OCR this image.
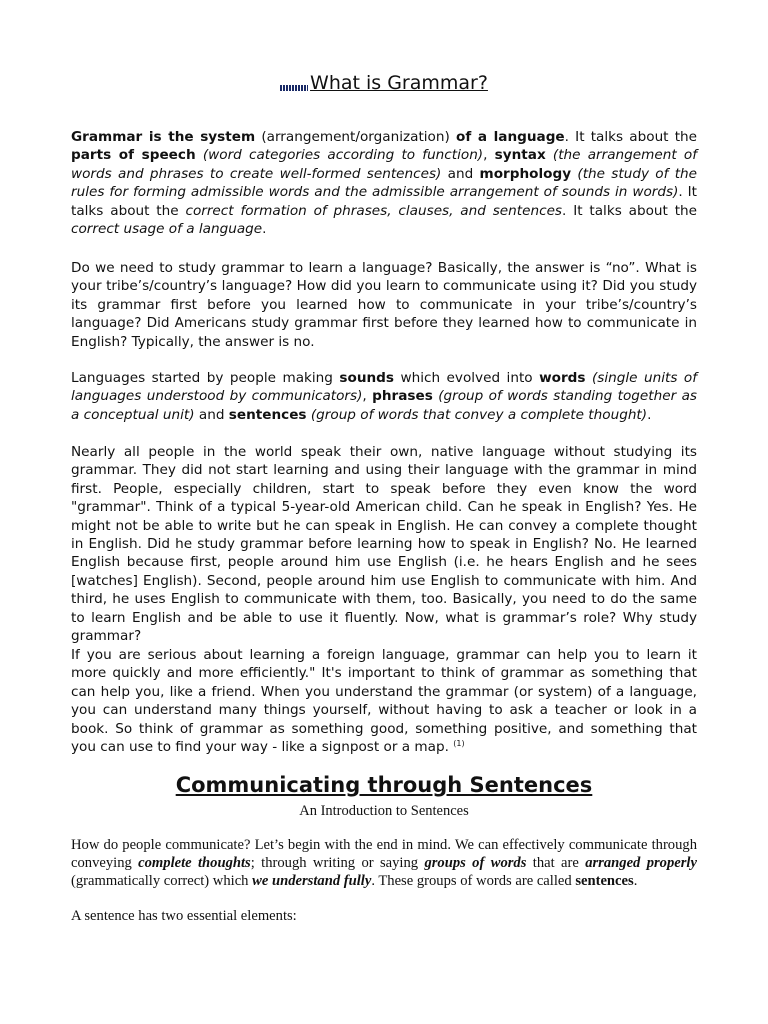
What is Grammar?

Grammar is the system (arrangement/organization) of a language. It talks about the parts of speech (word categories according to function), syntax (the arrangement of words and phrases to create well-formed sentences) and morphology (the study of the rules for forming admissible words and the admissible arrangement of sounds in words). It talks about the correct formation of phrases, clauses, and sentences. It talks about the correct usage of a language.

Do we need to study grammar to learn a language? Basically, the answer is “no”. What is your tribe’s/country’s language? How did you learn to communicate using it? Did you study its grammar first before you learned how to communicate in your tribe’s/country’s language? Did Americans study grammar first before they learned how to communicate in English? Typically, the answer is no.

Languages started by people making sounds which evolved into words (single units of languages understood by communicators), phrases (group of words standing together as a conceptual unit) and sentences (group of words that convey a complete thought).

Nearly all people in the world speak their own, native language without studying its grammar. They did not start learning and using their language with the grammar in mind first. People, especially children, start to speak before they even know the word "grammar". Think of a typical 5-year-old American child. Can he speak in English? Yes. He might not be able to write but he can speak in English. He can convey a complete thought in English. Did he study grammar before learning how to speak in English? No. He learned English because first, people around him use English (i.e. he hears English and he sees [watches] English). Second, people around him use English to communicate with him. And third, he uses English to communicate with them, too. Basically, you need to do the same to learn English and be able to use it fluently. Now, what is grammar’s role? Why study grammar?

If you are serious about learning a foreign language, grammar can help you to learn it more quickly and more efficiently." It's important to think of grammar as something that can help you, like a friend. When you understand the grammar (or system) of a language, you can understand many things yourself, without having to ask a teacher or look in a book. So think of grammar as something good, something positive, and something that you can use to find your way - like a signpost or a map. $^{(1)}$

Communicating through Sentences
An Introduction to Sentences

How do people communicate? Let’s begin with the end in mind. We can effectively communicate through conveying complete thoughts; through writing or saying groups of words that are arranged properly (grammatically correct) which we understand fully. These groups of words are called sentences.

A sentence has two essential elements:
